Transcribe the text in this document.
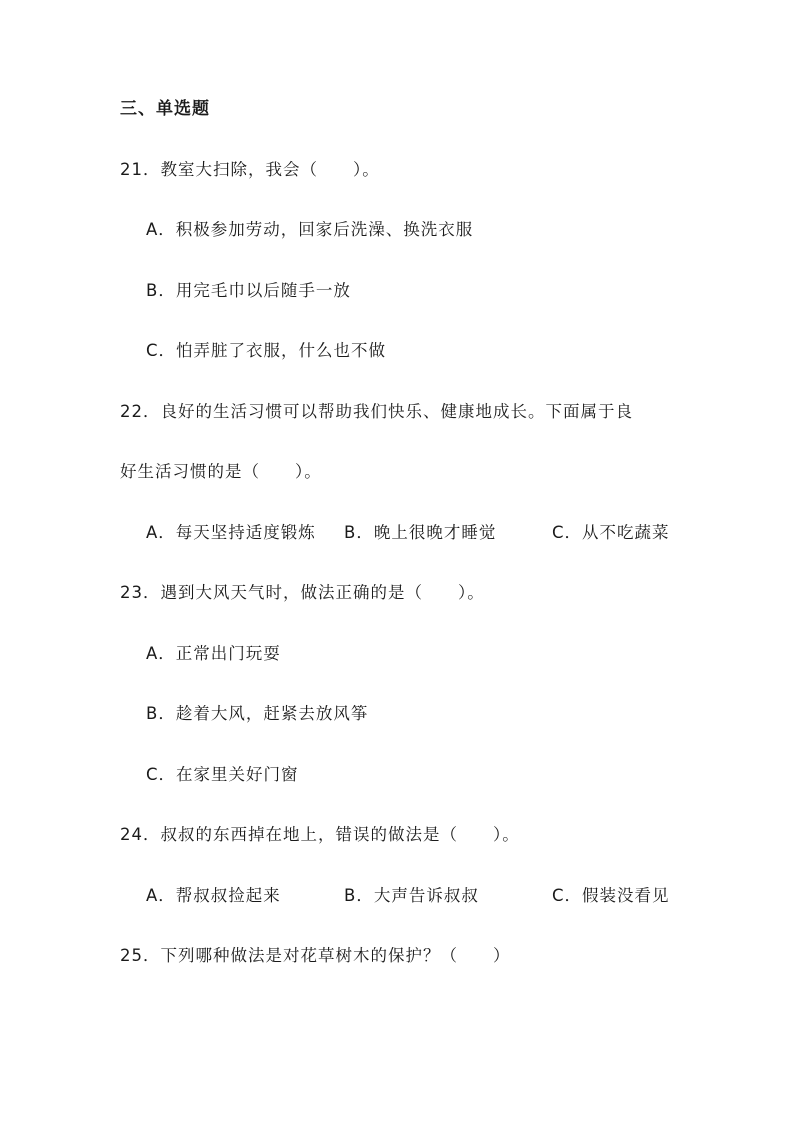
三、单选题
21．教室大扫除，我会（　　）。
A．积极参加劳动，回家后洗澡、换洗衣服
B．用完毛巾以后随手一放
C．怕弄脏了衣服，什么也不做
22．良好的生活习惯可以帮助我们快乐、健康地成长。下面属于良
好生活习惯的是（　　）。
A．每天坚持适度锻炼 B．晚上很晚才睡觉	C．从不吃蔬菜
23．遇到大风天气时，做法正确的是（　　）。
A．正常出门玩耍
B．趁着大风，赶紧去放风筝
C．在家里关好门窗
24．叔叔的东西掉在地上，错误的做法是（　　）。
A．帮叔叔捡起来	B．大声告诉叔叔	C．假装没看见
25．下列哪种做法是对花草树木的保护？（　　）
